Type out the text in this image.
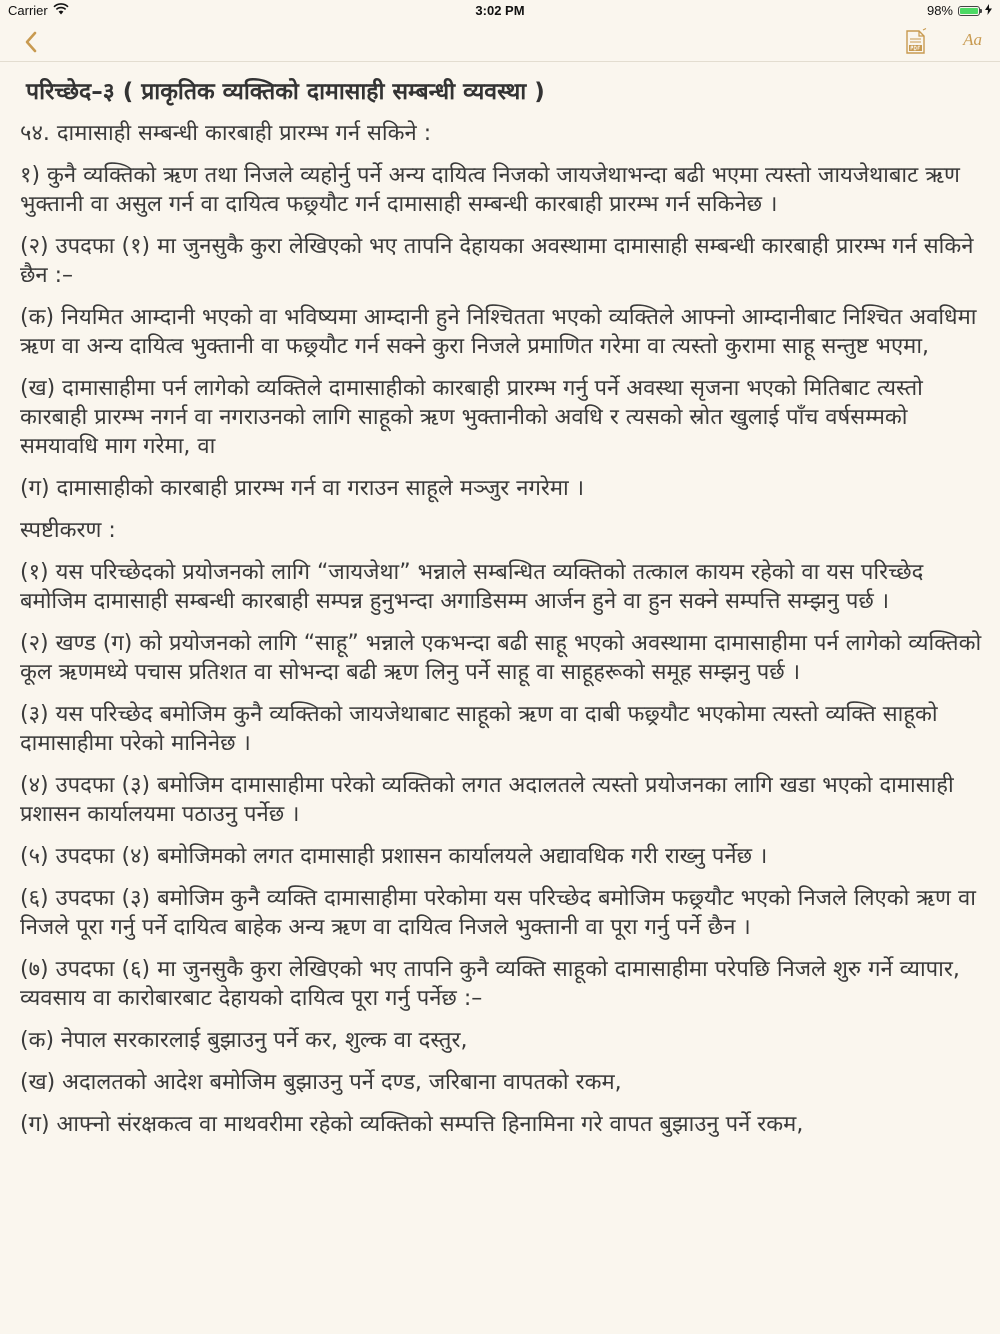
Carrier	3:02 PM	98%
Aa
परिच्छेद–३ ( प्राकृतिक व्यक्तिको दामासाही सम्बन्धी व्यवस्था )
५४. दामासाही सम्बन्धी कारबाही प्रारम्भ गर्न सकिने :
१) कुनै व्यक्तिको ऋण तथा निजले व्यहोर्नु पर्ने अन्य दायित्व निजको जायजेथाभन्दा बढी भएमा त्यस्तो जायजेथाबाट ऋण भुक्तानी वा असुल गर्न वा दायित्व फछ्र्यौट गर्न दामासाही सम्बन्धी कारबाही प्रारम्भ गर्न सकिनेछ ।
(२) उपदफा (१) मा जुनसुकै कुरा लेखिएको भए तापनि देहायका अवस्थामा दामासाही सम्बन्धी कारबाही प्रारम्भ गर्न सकिने छैन :–
(क) नियमित आम्दानी भएको वा भविष्यमा आम्दानी हुने निश्चितता भएको व्यक्तिले आफ्नो आम्दानीबाट निश्चित अवधिमा ऋण वा अन्य दायित्व भुक्तानी वा फछ्र्यौट गर्न सक्ने कुरा निजले प्रमाणित गरेमा वा त्यस्तो कुरामा साहू सन्तुष्ट भएमा,
(ख) दामासाहीमा पर्न लागेको व्यक्तिले दामासाहीको कारबाही प्रारम्भ गर्नु पर्ने अवस्था सृजना भएको मितिबाट त्यस्तो कारबाही प्रारम्भ नगर्न वा नगराउनको लागि साहूको ऋण भुक्तानीको अवधि र त्यसको स्रोत खुलाई पाँच वर्षसम्मको समयावधि माग गरेमा, वा
(ग) दामासाहीको कारबाही प्रारम्भ गर्न वा गराउन साहूले मञ्जुर नगरेमा ।
स्पष्टीकरण :
(१) यस परिच्छेदको प्रयोजनको लागि “जायजेथा” भन्नाले सम्बन्धित व्यक्तिको तत्काल कायम रहेको वा यस परिच्छेद बमोजिम दामासाही सम्बन्धी कारबाही सम्पन्न हुनुभन्दा अगाडिसम्म आर्जन हुने वा हुन सक्ने सम्पत्ति सम्झनु पर्छ ।
(२) खण्ड (ग) को प्रयोजनको लागि “साहू” भन्नाले एकभन्दा बढी साहू भएको अवस्थामा दामासाहीमा पर्न लागेको व्यक्तिको कूल ऋणमध्ये पचास प्रतिशत वा सोभन्दा बढी ऋण लिनु पर्ने साहू वा साहूहरूको समूह सम्झनु पर्छ ।
(३) यस परिच्छेद बमोजिम कुनै व्यक्तिको जायजेथाबाट साहूको ऋण वा दाबी फछ्र्यौट भएकोमा त्यस्तो व्यक्ति साहूको दामासाहीमा परेको मानिनेछ ।
(४) उपदफा (३) बमोजिम दामासाहीमा परेको व्यक्तिको लगत अदालतले त्यस्तो प्रयोजनका लागि खडा भएको दामासाही प्रशासन कार्यालयमा पठाउनु पर्नेछ ।
(५) उपदफा (४) बमोजिमको लगत दामासाही प्रशासन कार्यालयले अद्यावधिक गरी राख्नु पर्नेछ ।
(६) उपदफा (३) बमोजिम कुनै व्यक्ति दामासाहीमा परेकोमा यस परिच्छेद बमोजिम फछ्र्यौट भएको निजले लिएको ऋण वा निजले पूरा गर्नु पर्ने दायित्व बाहेक अन्य ऋण वा दायित्व निजले भुक्तानी वा पूरा गर्नु पर्ने छैन ।
(७) उपदफा (६) मा जुनसुकै कुरा लेखिएको भए तापनि कुनै व्यक्ति साहूको दामासाहीमा परेपछि निजले शुरु गर्ने व्यापार, व्यवसाय वा कारोबारबाट देहायको दायित्व पूरा गर्नु पर्नेछ :–
(क) नेपाल सरकारलाई बुझाउनु पर्ने कर, शुल्क वा दस्तुर,
(ख) अदालतको आदेश बमोजिम बुझाउनु पर्ने दण्ड, जरिबाना वापतको रकम,
(ग) आफ्नो संरक्षकत्व वा माथवरीमा रहेको व्यक्तिको सम्पत्ति हिनामिना गरे वापत बुझाउनु पर्ने रकम,
